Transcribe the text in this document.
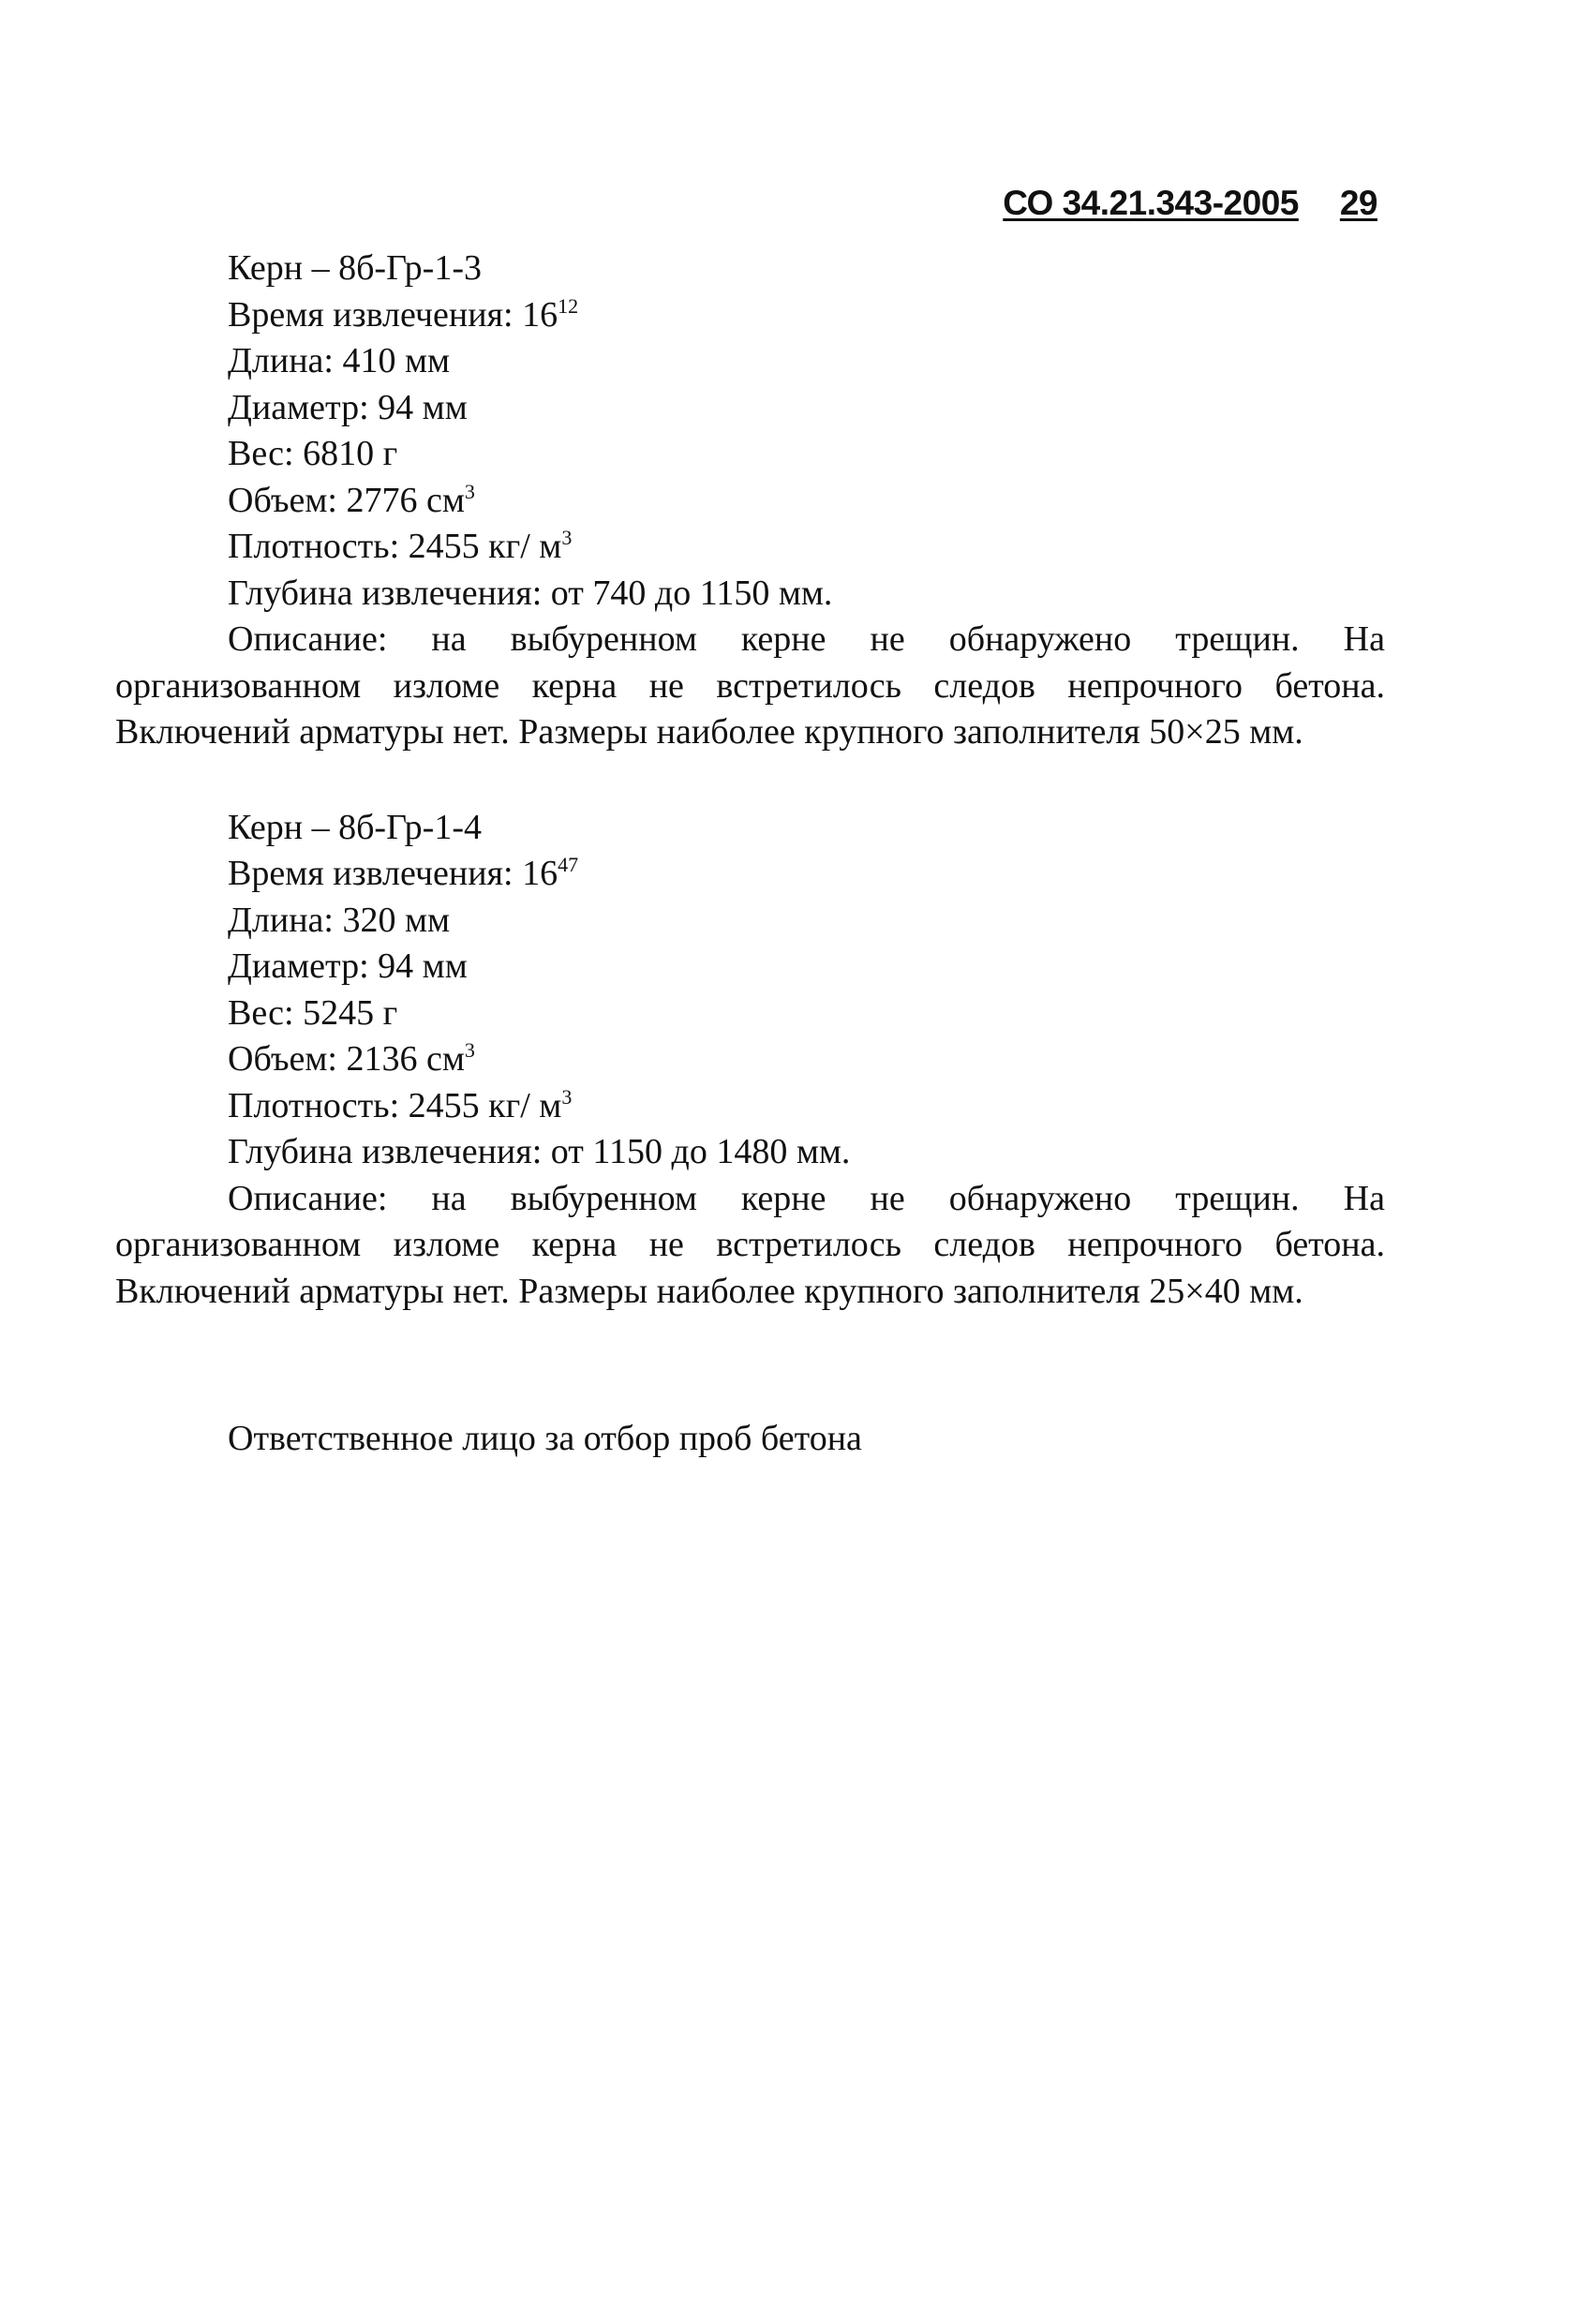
СО 34.21.343-2005 29
Керн – 8б-Гр-1-3
Время извлечения: $16^{12}$
Длина: 410 мм
Диаметр: 94 мм
Вес: 6810 г
Объем: 2776 $см^3$
Плотность: 2455 кг/ $м^3$
Глубина извлечения: от 740 до 1150 мм.

Описание: на выбуренном керне не обнаружено трещин. На организованном изломе керна не встретилось следов непрочного бетона. Включений арматуры нет. Размеры наиболее крупного заполнителя 50×25 мм.

Керн – 8б-Гр-1-4
Время извлечения: $16^{47}$
Длина: 320 мм
Диаметр: 94 мм
Вес: 5245 г
Объем: 2136 $см^3$
Плотность: 2455 кг/ $м^3$
Глубина извлечения: от 1150 до 1480 мм.

Описание: на выбуренном керне не обнаружено трещин. На организованном изломе керна не встретилось следов непрочного бетона. Включений арматуры нет. Размеры наиболее крупного заполнителя 25×40 мм.

Ответственное лицо за отбор проб бетона
